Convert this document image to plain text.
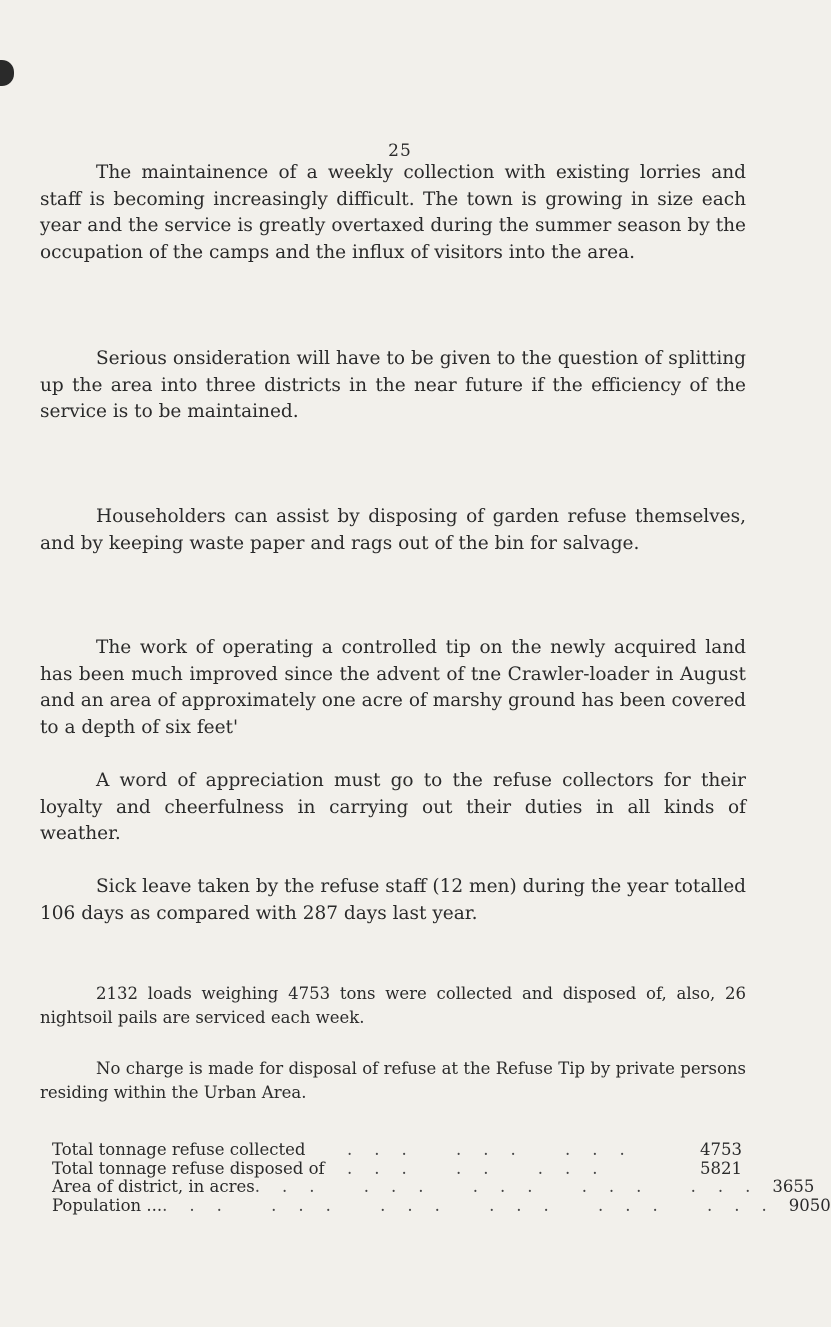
25

The maintainence of a weekly collection with existing lorries and staff is becoming increasingly difficult. The town is growing in size each year and the service is greatly overtaxed during the summer season by the occupation of the camps and the influx of visitors into the area.

Serious onsideration will have to be given to the question of splitting up the area into three districts in the near future if the efficiency of the service is to be maintained.

Householders can assist by disposing of garden refuse themselves, and by keeping waste paper and rags out of the bin for salvage.

The work of operating a controlled tip on the newly acquired land has been much improved since the advent of tne Crawler-loader in August and an area of approximately one acre of marshy ground has been covered to a depth of six feet'

A word of appreciation must go to the refuse collectors for their loyalty and cheerfulness in carrying out their duties in all kinds of weather.

Sick leave taken by the refuse staff (12 men) during the year totalled 106 days as compared with 287 days last year.

2132 loads weighing 4753 tons were collected and disposed of, also, 26 nightsoil pails are serviced each week.

No charge is made for disposal of refuse at the Refuse Tip by private persons residing within the Urban Area.

Total tonnage refuse collected	... ... ...	4753
Total tonnage refuse disposed of	... .. ...	5821
Area of district, in acres ... ... ... ... ... 3655
Population ... ... ... ... ... ... ... 9050
